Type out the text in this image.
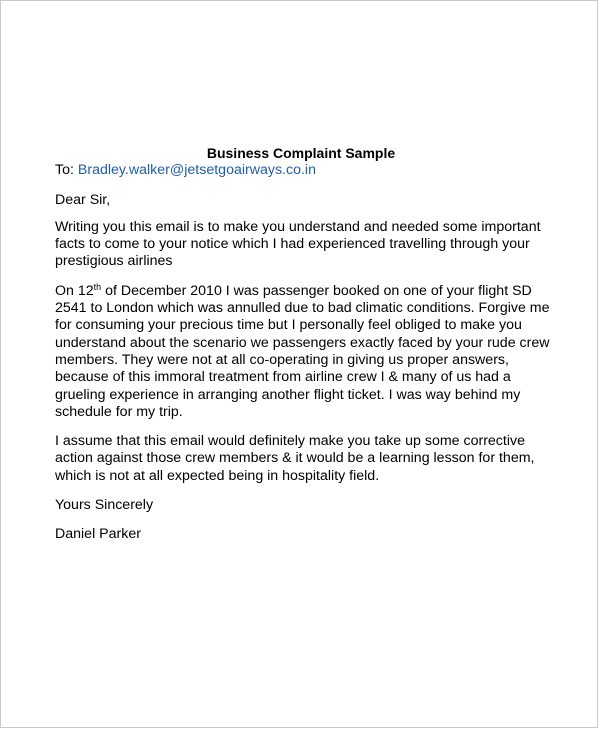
Business Complaint Sample

To: Bradley.walker@jetsetgoairways.co.in

Dear Sir,

Writing you this email is to make you understand and needed some important facts to come to your notice which I had experienced travelling through your prestigious airlines

On 12th of December 2010 I was passenger booked on one of your flight SD 2541 to London which was annulled due to bad climatic conditions. Forgive me for consuming your precious time but I personally feel obliged to make you understand about the scenario we passengers exactly faced by your rude crew members. They were not at all co-operating in giving us proper answers, because of this immoral treatment from airline crew I & many of us had a grueling experience in arranging another flight ticket. I was way behind my schedule for my trip.

I assume that this email would definitely make you take up some corrective action against those crew members & it would be a learning lesson for them, which is not at all expected being in hospitality field.

Yours Sincerely

Daniel Parker
